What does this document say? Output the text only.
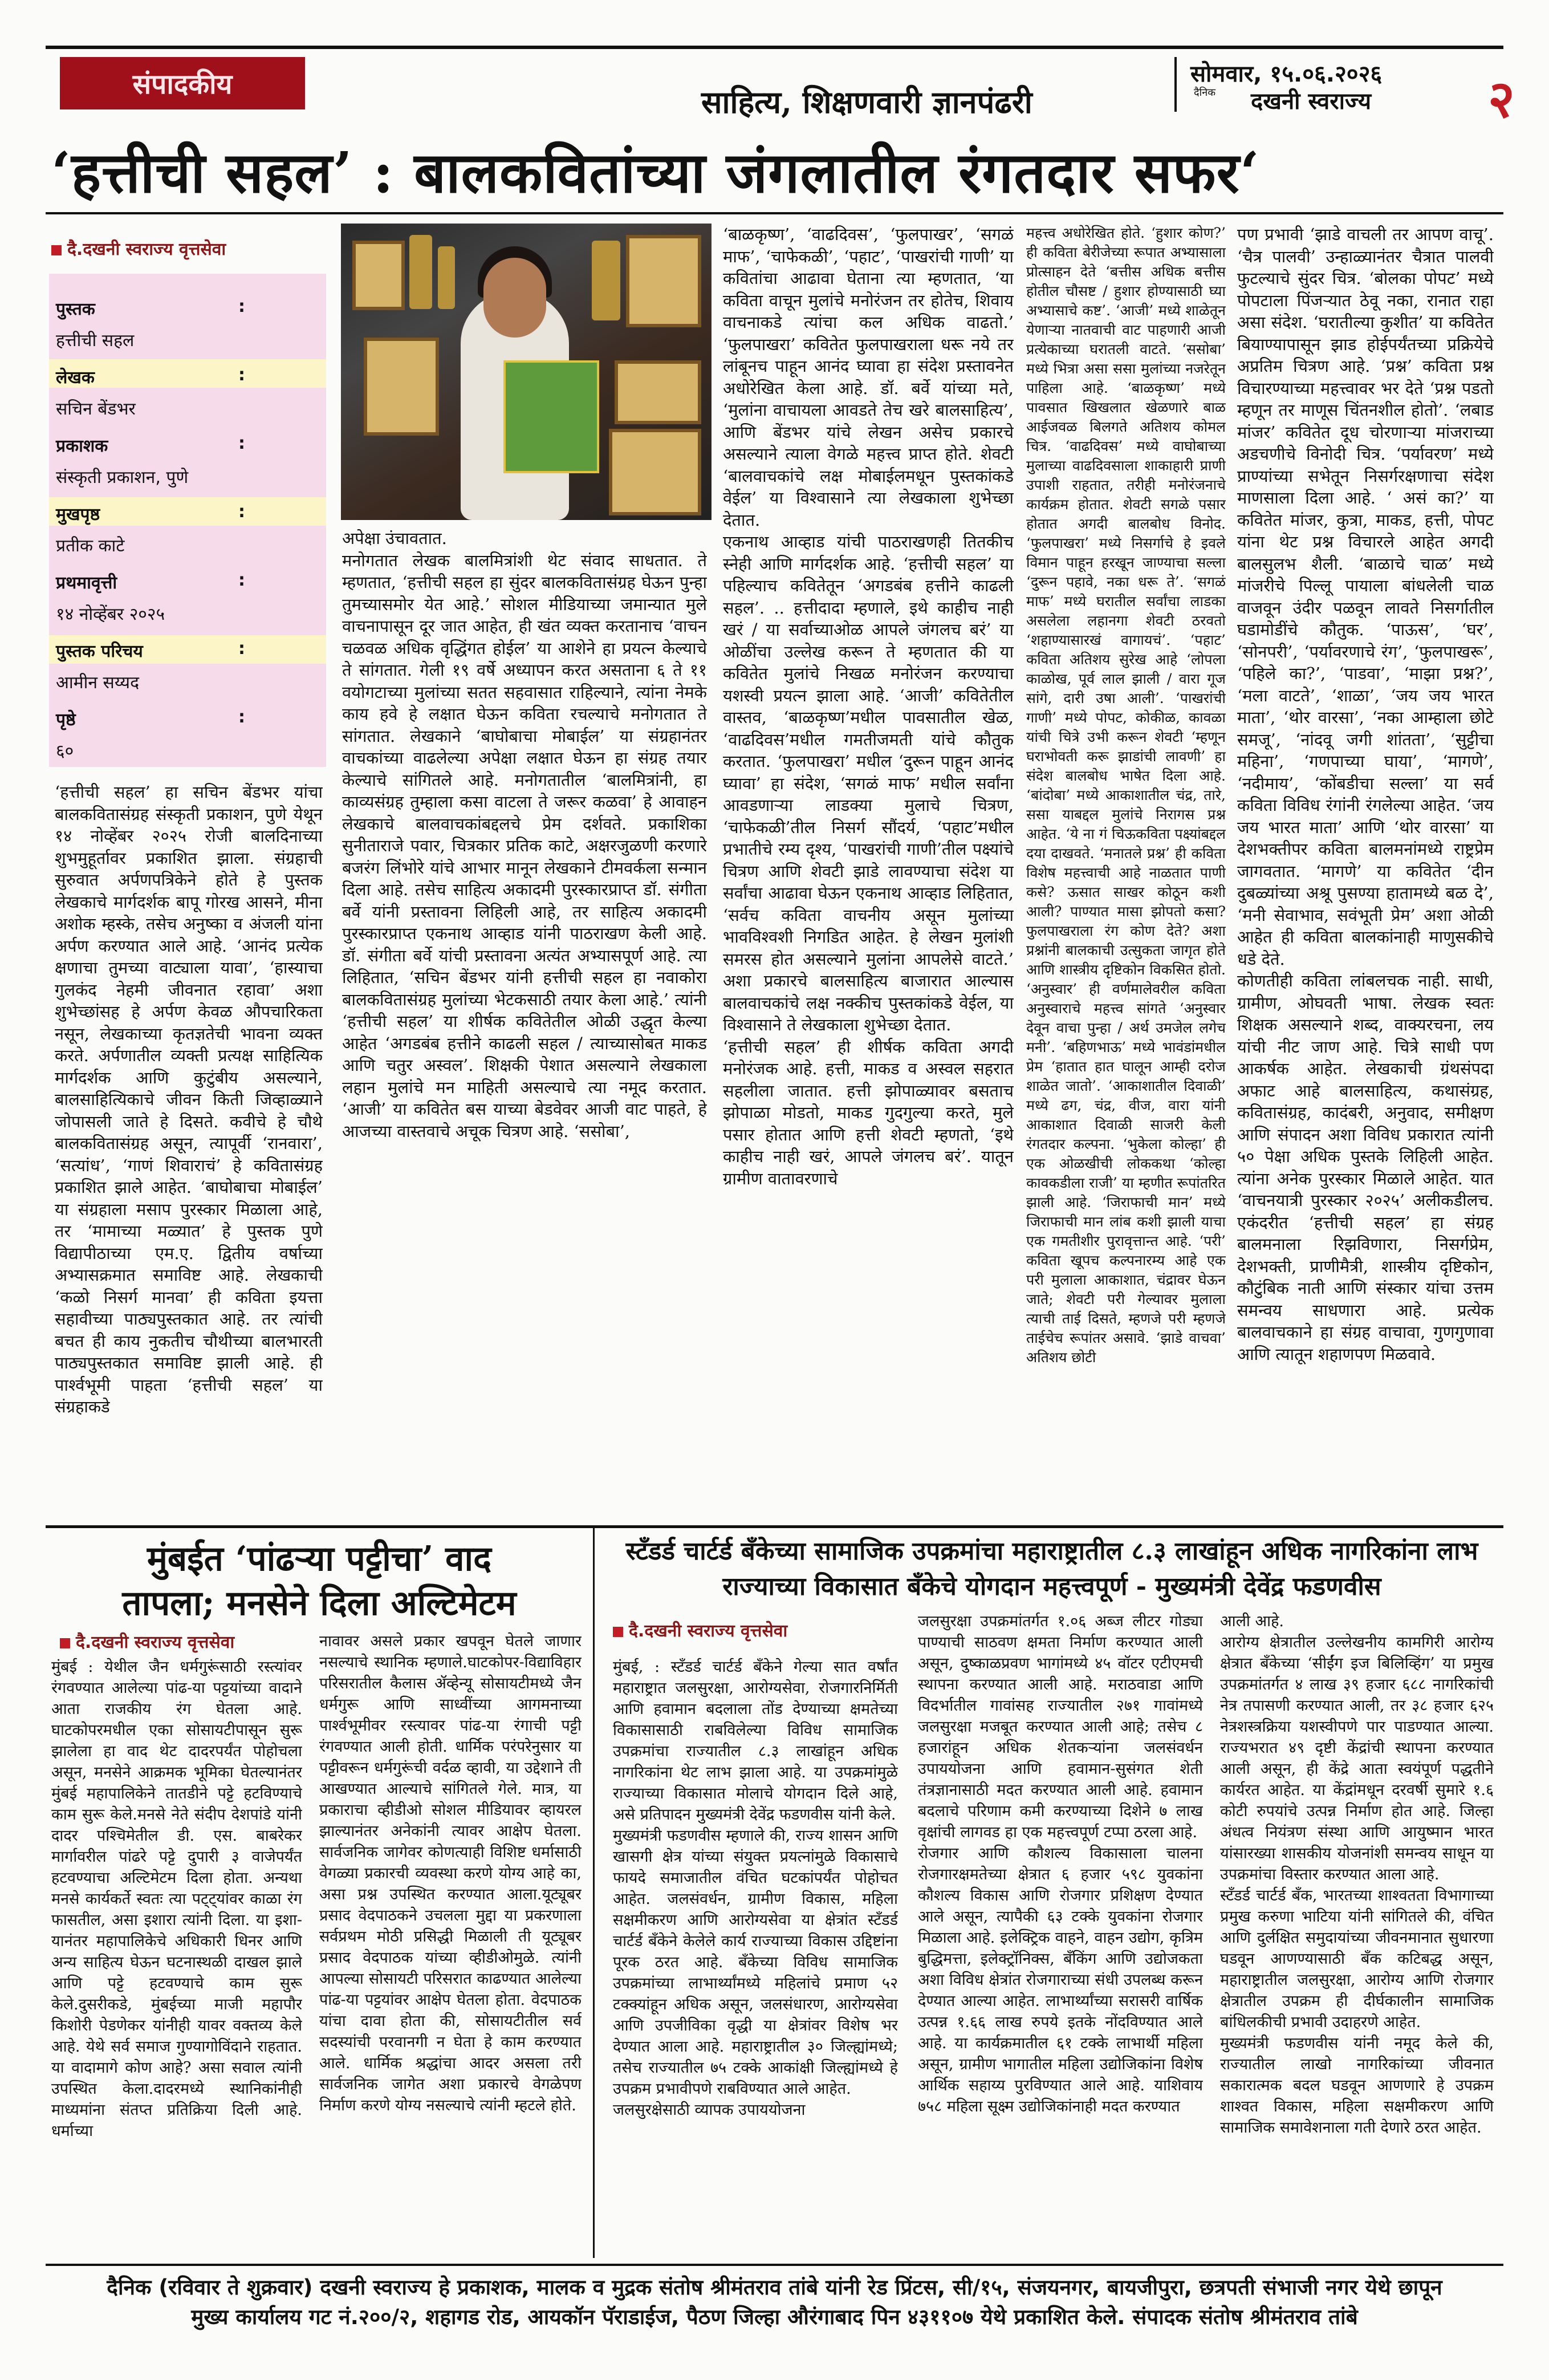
संपादकीय	साहित्य, शिक्षणवारी ज्ञानपंढरी
सोमवार, १५.०६.२०२६
दैनिक दखनी स्वराज्य २
‘हत्तीची सहल’ : बालकवितांच्या जंगलातील रंगतदार सफर‘
दै.दखनी स्वराज्य वृत्तसेवा
पुस्तक	:
हत्तीची सहल
लेखक	:
सचिन बेंडभर
प्रकाशक	:
संस्कृती प्रकाशन, पुणे
मुखपृष्ठ	:
प्रतीक काटे
प्रथमावृत्ती	:
१४ नोव्हेंबर २०२५
पुस्तक परिचय	:
आमीन सय्यद
पृष्ठे	:
६०
‘हत्तीची सहल’ हा सचिन बेंडभर यांचा बालकवितासंग्रह संस्कृती प्रकाशन, पुणे येथून १४ नोव्हेंबर २०२५ रोजी बालदिनाच्या शुभमुहूर्तावर प्रकाशित झाला. संग्रहाची सुरुवात अर्पणपत्रिकेने होते हे पुस्तक लेखकाचे मार्गदर्शक बापू गोरख आसने, मीना अशोक म्हस्के, तसेच अनुष्का व अंजली यांना अर्पण करण्यात आले आहे. ‘आनंद प्रत्येक क्षणाचा तुमच्या वाट्याला यावा’, ‘हास्याचा गुलकंद नेहमी जीवनात रहावा’ अशा शुभेच्छांसह हे अर्पण केवळ औपचारिकता नसून, लेखकाच्या कृतज्ञतेची भावना व्यक्त करते. अर्पणातील व्यक्ती प्रत्यक्ष साहित्यिक मार्गदर्शक आणि कुटुंबीय असल्याने, बालसाहित्यिकाचे जीवन किती जिव्हाळ्याने जोपासली जाते हे दिसते. कवीचे हे चौथे बालकवितासंग्रह असून, त्यापूर्वी ‘रानवारा’, ‘सत्यांध’, ‘गाणं शिवाराचं’ हे कवितासंग्रह प्रकाशित झाले आहेत. ‘बाघोबाचा मोबाईल’ या संग्रहाला मसाप पुरस्कार मिळाला आहे, तर ‘मामाच्या मळ्यात’ हे पुस्तक पुणे विद्यापीठाच्या एम.ए. द्वितीय वर्षाच्या अभ्यासक्रमात समाविष्ट आहे. लेखकाची ‘कळो निसर्ग मानवा’ ही कविता इयत्ता सहावीच्या पाठ्यपुस्तकात आहे. तर त्यांची बचत ही काय नुकतीच चौथीच्या बालभारती पाठ्यपुस्तकात समाविष्ट झाली आहे. ही पार्श्वभूमी पाहता ‘हत्तीची सहल’ या संग्रहाकडे
अपेक्षा उंचावतात.
मनोगतात लेखक बालमित्रांशी थेट संवाद साधतात. ते म्हणतात, ‘हत्तीची सहल हा सुंदर बालकवितासंग्रह घेऊन पुन्हा तुमच्यासमोर येत आहे.’ सोशल मीडियाच्या जमान्यात मुले वाचनापासून दूर जात आहेत, ही खंत व्यक्त करतानाच ‘वाचन चळवळ अधिक वृद्धिंगत होईल’ या आशेने हा प्रयत्न केल्याचे ते सांगतात. गेली १९ वर्षे अध्यापन करत असताना ६ ते ११ वयोगटाच्या मुलांच्या सतत सहवासात राहिल्याने, त्यांना नेमके काय हवे हे लक्षात घेऊन कविता रचल्याचे मनोगतात ते सांगतात. लेखकाने ‘बाघोबाचा मोबाईल’ या संग्रहानंतर वाचकांच्या वाढलेल्या अपेक्षा लक्षात घेऊन हा संग्रह तयार केल्याचे सांगितले आहे. मनोगतातील ‘बालमित्रांनी, हा काव्यसंग्रह तुम्हाला कसा वाटला ते जरूर कळवा’ हे आवाहन लेखकाचे बालवाचकांबद्दलचे प्रेम दर्शवते. प्रकाशिका सुनीताराजे पवार, चित्रकार प्रतिक काटे, अक्षरजुळणी करणारे बजरंग लिंभोरे यांचे आभार मानून लेखकाने टीमवर्कला सन्मान दिला आहे. तसेच साहित्य अकादमी पुरस्कारप्राप्त डॉ. संगीता बर्वे यांनी प्रस्तावना लिहिली आहे, तर साहित्य अकादमी पुरस्कारप्राप्त एकनाथ आव्हाड यांनी पाठराखण केली आहे. डॉ. संगीता बर्वे यांची प्रस्तावना अत्यंत अभ्यासपूर्ण आहे. त्या लिहितात, ‘सचिन बेंडभर यांनी हत्तीची सहल हा नवाकोरा बालकवितासंग्रह मुलांच्या भेटकसाठी तयार केला आहे.’ त्यांनी ‘हत्तीची सहल’ या शीर्षक कवितेतील ओळी उद्धृत केल्या आहेत ‘अगडबंब हत्तीने काढली सहल / त्याच्यासोबत माकड आणि चतुर अस्वल’. शिक्षकी पेशात असल्याने लेखकाला लहान मुलांचे मन माहिती असल्याचे त्या नमूद करतात. ‘आजी’ या कवितेत बस याच्या बेडवेवर आजी वाट पाहते, हे आजच्या वास्तवाचे अचूक चित्रण आहे. ‘ससोबा’,
‘बाळकृष्ण’, ‘वाढदिवस’, ‘फुलपाखर’, ‘सगळं माफ’, ‘चाफेकळी’, ‘पहाट’, ‘पाखरांची गाणी’ या कवितांचा आढावा घेताना त्या म्हणतात, ‘या कविता वाचून मुलांचे मनोरंजन तर होतेच, शिवाय वाचनाकडे त्यांचा कल अधिक वाढतो.’ ‘फुलपाखरा’ कवितेत फुलपाखराला धरू नये तर लांबूनच पाहून आनंद घ्यावा हा संदेश प्रस्तावनेत अधोरेखित केला आहे. डॉ. बर्वे यांच्या मते, ‘मुलांना वाचायला आवडते तेच खरे बालसाहित्य’, आणि बेंडभर यांचे लेखन असेच प्रकारचे असल्याने त्याला वेगळे महत्त्व प्राप्त होते. शेवटी ‘बालवाचकांचे लक्ष मोबाईलमधून पुस्तकांकडे वेईल’ या विश्वासाने त्या लेखकाला शुभेच्छा देतात.
एकनाथ आव्हाड यांची पाठराखणही तितकीच स्नेही आणि मार्गदर्शक आहे. ‘हत्तीची सहल’ या पहिल्याच कवितेतून ‘अगडबंब हत्तीने काढली सहल’. .. हत्तीदादा म्हणाले, इथे काहीच नाही खरं / या सर्वाच्याओळ आपले जंगलच बरं’ या ओळींचा उल्लेख करून ते म्हणतात की या कवितेत मुलांचे निखळ मनोरंजन करण्याचा यशस्वी प्रयत्न झाला आहे. ‘आजी’ कवितेतील वास्तव, ‘बाळकृष्ण’मधील पावसातील खेळ, ‘वाढदिवस’मधील गमतीजमती यांचे कौतुक करतात. ‘फुलपाखरा’ मधील ‘दुरून पाहून आनंद घ्यावा’ हा संदेश, ‘सगळं माफ’ मधील सर्वांना आवडणाऱ्या लाडक्या मुलाचे चित्रण, ‘चाफेकळी’तील निसर्ग सौंदर्य, ‘पहाट’मधील प्रभातीचे रम्य दृश्य, ‘पाखरांची गाणी’तील पक्ष्यांचे चित्रण आणि शेवटी झाडे लावण्याचा संदेश या सर्वांचा आढावा घेऊन एकनाथ आव्हाड लिहितात, ‘सर्वच कविता वाचनीय असून मुलांच्या भावविश्वशी निगडित आहेत. हे लेखन मुलांशी समरस होत असल्याने मुलांना आपलेसे वाटते.’ अशा प्रकारचे बालसाहित्य बाजारात आल्यास बालवाचकांचे लक्ष नक्कीच पुस्तकांकडे वेईल, या विश्वासाने ते लेखकाला शुभेच्छा देतात.
‘हत्तीची सहल’ ही शीर्षक कविता अगदी मनोरंजक आहे. हत्ती, माकड व अस्वल सहरात सहलीला जातात. हत्ती झोपाळ्यावर बसताच झोपाळा मोडतो, माकड गुदगुल्या करते, मुले पसार होतात आणि हत्ती शेवटी म्हणतो, ‘इथे काहीच नाही खरं, आपले जंगलच बरं’. यातून ग्रामीण वातावरणाचे
महत्त्व अधोरेखित होते. ‘हुशार कोण?’ ही कविता बेरीजेच्या रूपात अभ्यासाला प्रोत्साहन देते ‘बत्तीस अधिक बत्तीस होतील चौसष्ट / हुशार होण्यासाठी घ्या अभ्यासाचे कष्ट’. ‘आजी’ मध्ये शाळेतून येणाऱ्या नातवाची वाट पाहणारी आजी प्रत्येकाच्या घरातली वाटते. ‘ससोबा’ मध्ये भित्रा असा ससा मुलांच्या नजरेतून पाहिला आहे. ‘बाळकृष्ण’ मध्ये पावसात खिखलात खेळणारे बाळ आईजवळ बिलगते अतिशय कोमल चित्र. ‘वाढदिवस’ मध्ये वाघोबाच्या मुलाच्या वाढदिवसाला शाकाहारी प्राणी उपाशी राहतात, तरीही मनोरंजनाचे कार्यक्रम होतात. शेवटी सगळे पसार होतात अगदी बालबोध विनोद. ‘फुलपाखरा’ मध्ये निसर्गाचे हे इवले विमान पाहून हरखून जाण्याचा सल्ला ‘दुरून पहावे, नका धरू ते’. ‘सगळं माफ’ मध्ये घरातील सर्वांचा लाडका असलेला लहानगा शेवटी ठरवतो ‘शहाण्यासारखं वागायचं’. ‘पहाट’ कविता अतिशय सुरेख आहे ‘लोपला काळोख, पूर्व लाल झाली / वारा गूज सांगे, दारी उषा आली’. ‘पाखरांची गाणी’ मध्ये पोपट, कोकीळ, कावळा यांची चित्रे उभी करून शेवटी ‘म्हणून घराभोवती करू झाडांची लावणी’ हा संदेश बालबोध भाषेत दिला आहे. ‘बांदोबा’ मध्ये आकाशातील चंद्र, तारे, ससा याबद्दल मुलांचे निरागस प्रश्न आहेत. ‘ये ना गं चिऊकविता पक्ष्यांबद्दल दया दाखवते. ‘मनातले प्रश्न’ ही कविता विशेष महत्त्वाची आहे नाळतात पाणी कसे? ऊसात साखर कोठून कशी आली? पाण्यात मासा झोपतो कसा? फुलपाखराला रंग कोण देते? अशा प्रश्नांनी बालकाची उत्सुकता जागृत होते आणि शास्त्रीय दृष्टिकोन विकसित होतो. ‘अनुस्वार’ ही वर्णमालेवरील कविता अनुस्वाराचे महत्त्व सांगते ‘अनुस्वार देवून वाचा पुन्हा / अर्थ उमजेल लगेच मनी’. ‘बहिणभाऊ’ मध्ये भावंडांमधील प्रेम ‘हातात हात घालून आम्ही दरोज शाळेत जातो’. ‘आकाशातील दिवाळी’ मध्ये ढग, चंद्र, वीज, वारा यांनी आकाशात दिवाळी साजरी केली रंगतदार कल्पना. ‘भुकेला कोल्हा’ ही एक ओळखीची लोककथा ‘कोल्हा कावकडीला राजी’ या म्हणीत रूपांतरित झाली आहे. ‘जिराफाची मान’ मध्ये जिराफाची मान लांब कशी झाली याचा एक गमतीशीर पुरावृत्तान्त आहे. ‘परी’ कविता खूपच कल्पनारम्य आहे एक परी मुलाला आकाशात, चंद्रावर घेऊन जाते; शेवटी परी गेल्यावर मुलाला त्याची ताई दिसते, म्हणजे परी म्हणजे ताईचेच रूपांतर असावे. ‘झाडे वाचवा’ अतिशय छोटी
पण प्रभावी ‘झाडे वाचली तर आपण वाचू’. ‘चैत्र पालवी’ उन्हाळ्यानंतर चैत्रात पालवी फुटल्याचे सुंदर चित्र. ‘बोलका पोपट’ मध्ये पोपटाला पिंजऱ्यात ठेवू नका, रानात राहा असा संदेश. ‘घरातील्या कुशीत’ या कवितेत बियाण्यापासून झाड होईपर्यंतच्या प्रक्रियेचे अप्रतिम चित्रण आहे. ‘प्रश्न’ कविता प्रश्न विचारण्याच्या महत्त्वावर भर देते ‘प्रश्न पडतो म्हणून तर माणूस चिंतनशील होतो’. ‘लबाड मांजर’ कवितेत दूध चोरणाऱ्या मांजराच्या अडचणीचे विनोदी चित्र. ‘पर्यावरण’ मध्ये प्राण्यांच्या सभेतून निसर्गरक्षणाचा संदेश माणसाला दिला आहे. ‘ असं का?’ या कवितेत मांजर, कुत्रा, माकड, हत्ती, पोपट यांना थेट प्रश्न विचारले आहेत अगदी बालसुलभ शैली. ‘बाळाचे चाळ’ मध्ये मांजरीचे पिल्लू पायाला बांधलेली चाळ वाजवून उंदीर पळवून लावते निसर्गातील घडामोडींचे कौतुक. ‘पाऊस’, ‘घर’, ‘सोनपरी’, ‘पर्यावरणाचे रंग’, ‘फुलपाखरू’, ‘पहिले का?’, ‘पाडवा’, ‘माझा प्रश्न?’, ‘मला वाटते’, ‘शाळा’, ‘जय जय भारत माता’, ‘थोर वारसा’, ‘नका आम्हाला छोटे समजू’, ‘नांदवू जगी शांतता’, ‘सुट्टीचा महिना’, ‘गणपाच्या घाया’, ‘मागणे’, ‘नदीमाय’, ‘कोंबडीचा सल्ला’ या सर्व कविता विविध रंगांनी रंगलेल्या आहेत. ‘जय जय भारत माता’ आणि ‘थोर वारसा’ या देशभक्तीपर कविता बालमनांमध्ये राष्ट्रप्रेम जागवतात. ‘मागणे’ या कवितेत ‘दीन दुबळ्यांच्या अश्रू पुसण्या हातामध्ये बळ दे’, ‘मनी सेवाभाव, सवंभूती प्रेम’ अशा ओळी आहेत ही कविता बालकांनाही माणुसकीचे धडे देते.
कोणतीही कविता लांबलचक नाही. साधी, ग्रामीण, ओघवती भाषा. लेखक स्वतः शिक्षक असल्याने शब्द, वाक्यरचना, लय यांची नीट जाण आहे. चित्रे साधी पण आकर्षक आहेत. लेखकाची ग्रंथसंपदा अफाट आहे बालसाहित्य, कथासंग्रह, कवितासंग्रह, कादंबरी, अनुवाद, समीक्षण आणि संपादन अशा विविध प्रकारात त्यांनी ५० पेक्षा अधिक पुस्तके लिहिली आहेत. त्यांना अनेक पुरस्कार मिळाले आहेत. यात ‘वाचनयात्री पुरस्कार २०२५’ अलीकडीलच. एकंदरीत ‘हत्तीची सहल’ हा संग्रह बालमनाला रिझविणारा, निसर्गप्रेम, देशभक्ती, प्राणीमैत्री, शास्त्रीय दृष्टिकोन, कौटुंबिक नाती आणि संस्कार यांचा उत्तम समन्वय साधणारा आहे. प्रत्येक बालवाचकाने हा संग्रह वाचावा, गुणगुणावा आणि त्यातून शहाणपण मिळवावे.
मुंबईत ‘पांढऱ्या पट्टीचा’ वाद
तापला; मनसेने दिला अल्टिमेटम
दै.दखनी स्वराज्य वृत्तसेवा
मुंबई : येथील जैन धर्मगुरूंसाठी रस्त्यांवर रंगवण्यात आलेल्या पांढ-या पट्टयांच्या वादाने आता राजकीय रंग घेतला आहे. घाटकोपरमधील एका सोसायटीपासून सुरू झालेला हा वाद थेट दादरपर्यंत पोहोचला असून, मनसेने आक्रमक भूमिका घेतल्यानंतर मुंबई महापालिकेने तातडीने पट्टे हटविण्याचे काम सुरू केले.मनसे नेते संदीप देशपांडे यांनी दादर पश्चिमेतील डी. एस. बाबरेकर मार्गावरील पांढरे पट्टे दुपारी ३ वाजेपर्यंत हटवण्याचा अल्टिमेटम दिला होता. अन्यथा मनसे कार्यकर्ते स्वतः त्या पट्ट्यांवर काळा रंग फासतील, असा इशारा त्यांनी दिला. या इशा-यानंतर महापालिकेचे अधिकारी धिनर आणि अन्य साहित्य घेऊन घटनास्थळी दाखल झाले आणि पट्टे हटवण्याचे काम सुरू केले.दुसरीकडे, मुंबईच्या माजी महापौर किशोरी पेडणेकर यांनीही यावर वक्तव्य केले आहे. येथे सर्व समाज गुण्यागोविंदाने राहतात. या वादामागे कोण आहे? असा सवाल त्यांनी उपस्थित केला.दादरमध्ये स्थानिकांनीही माध्यमांना संतप्त प्रतिक्रिया दिली आहे. धर्माच्या
नावावर असले प्रकार खपवून घेतले जाणार नसल्याचे स्थानिक म्हणाले.घाटकोपर-विद्याविहार परिसरातील कैलास ॲव्हेन्यू सोसायटीमध्ये जैन धर्मगुरू आणि साध्वींच्या आगमनाच्या पार्श्वभूमीवर रस्त्यावर पांढ-या रंगाची पट्टी रंगवण्यात आली होती. धार्मिक परंपरेनुसार या पट्टीवरून धर्मगुरूंची वर्दळ व्हावी, या उद्देशाने ती आखण्यात आल्याचे सांगितले गेले. मात्र, या प्रकाराचा व्हीडीओ सोशल मीडियावर व्हायरल झाल्यानंतर अनेकांनी त्यावर आक्षेप घेतला. सार्वजनिक जागेवर कोणत्याही विशिष्ट धर्मासाठी वेगळ्या प्रकारची व्यवस्था करणे योग्य आहे का, असा प्रश्न उपस्थित करण्यात आला.यूट्यूबर प्रसाद वेदपाठकने उचलला मुद्दा या प्रकरणाला सर्वप्रथम मोठी प्रसिद्धी मिळाली ती यूट्यूबर प्रसाद वेदपाठक यांच्या व्हीडीओमुळे. त्यांनी आपल्या सोसायटी परिसरात काढण्यात आलेल्या पांढ-या पट्टयांवर आक्षेप घेतला होता. वेदपाठक यांचा दावा होता की, सोसायटीतील सर्व सदस्यांची परवानगी न घेता हे काम करण्यात आले. धार्मिक श्रद्धांचा आदर असला तरी सार्वजनिक जागेत अशा प्रकारचे वेगळेपण निर्माण करणे योग्य नसल्याचे त्यांनी म्हटले होते.
स्टँडर्ड चार्टर्ड बँकेच्या सामाजिक उपक्रमांचा महाराष्ट्रातील ८.३ लाखांहून अधिक नागरिकांना लाभ
राज्याच्या विकासात बँकेचे योगदान महत्त्वपूर्ण - मुख्यमंत्री देवेंद्र फडणवीस
दै.दखनी स्वराज्य वृत्तसेवा
मुंबई, : स्टँडर्ड चार्टर्ड बँकेने गेल्या सात वर्षांत महाराष्ट्रात जलसुरक्षा, आरोग्यसेवा, रोजगारनिर्मिती आणि हवामान बदलाला तोंड देण्याच्या क्षमतेच्या विकासासाठी राबविलेल्या विविध सामाजिक उपक्रमांचा राज्यातील ८.३ लाखांहून अधिक नागरिकांना थेट लाभ झाला आहे. या उपक्रमांमुळे राज्याच्या विकासात मोलाचे योगदान दिले आहे, असे प्रतिपादन मुख्यमंत्री देवेंद्र फडणवीस यांनी केले.
मुख्यमंत्री फडणवीस म्हणाले की, राज्य शासन आणि खासगी क्षेत्र यांच्या संयुक्त प्रयत्नांमुळे विकासाचे फायदे समाजातील वंचित घटकांपर्यंत पोहोचत आहेत. जलसंवर्धन, ग्रामीण विकास, महिला सक्षमीकरण आणि आरोग्यसेवा या क्षेत्रांत स्टँडर्ड चार्टर्ड बँकेने केलेले कार्य राज्याच्या विकास उद्दिष्टांना पूरक ठरत आहे. बँकेच्या विविध सामाजिक उपक्रमांच्या लाभार्थ्यांमध्ये महिलांचे प्रमाण ५२ टक्क्यांहून अधिक असून, जलसंधारण, आरोग्यसेवा आणि उपजीविका वृद्धी या क्षेत्रांवर विशेष भर देण्यात आला आहे. महाराष्ट्रातील ३० जिल्ह्यांमध्ये; तसेच राज्यातील ७५ टक्के आकांक्षी जिल्ह्यांमध्ये हे उपक्रम प्रभावीपणे राबविण्यात आले आहेत.
जलसुरक्षेसाठी व्यापक उपाययोजना
जलसुरक्षा उपक्रमांतर्गत १.०६ अब्ज लीटर गोड्या पाण्याची साठवण क्षमता निर्माण करण्यात आली असून, दुष्काळप्रवण भागांमध्ये ४५ वॉटर एटीएमची स्थापना करण्यात आली आहे. मराठवाडा आणि विदर्भातील गावांसह राज्यातील २७१ गावांमध्ये जलसुरक्षा मजबूत करण्यात आली आहे; तसेच ८ हजारांहून अधिक शेतकऱ्यांना जलसंवर्धन उपाययोजना आणि हवामान-सुसंगत शेती तंत्रज्ञानासाठी मदत करण्यात आली आहे. हवामान बदलाचे परिणाम कमी करण्याच्या दिशेने ७ लाख वृक्षांची लागवड हा एक महत्त्वपूर्ण टप्पा ठरला आहे.
रोजगार आणि कौशल्य विकासाला चालना रोजगारक्षमतेच्या क्षेत्रात ६ हजार ५९८ युवकांना कौशल्य विकास आणि रोजगार प्रशिक्षण देण्यात आले असून, त्यापैकी ६३ टक्के युवकांना रोजगार मिळाला आहे. इलेक्ट्रिक वाहने, वाहन उद्योग, कृत्रिम बुद्धिमत्ता, इलेक्ट्रॉनिक्स, बँकिंग आणि उद्योजकता अशा विविध क्षेत्रांत रोजगाराच्या संधी उपलब्ध करून देण्यात आल्या आहेत. लाभार्थ्यांच्या सरासरी वार्षिक उत्पन्न १.६६ लाख रुपये इतके नोंदविण्यात आले आहे. या कार्यक्रमातील ६१ टक्के लाभार्थी महिला असून, ग्रामीण भागातील महिला उद्योजिकांना विशेष आर्थिक सहाय्य पुरविण्यात आले आहे. याशिवाय ७५८ महिला सूक्ष्म उद्योजिकांनाही मदत करण्यात
आली आहे.
आरोग्य क्षेत्रातील उल्लेखनीय कामगिरी आरोग्य क्षेत्रात बँकेच्या ‘सीईंग इज बिलिव्हिंग’ या प्रमुख उपक्रमांतर्गत ४ लाख ३९ हजार ६८८ नागरिकांची नेत्र तपासणी करण्यात आली, तर ३८ हजार ६२५ नेत्रशस्त्रक्रिया यशस्वीपणे पार पाडण्यात आल्या. राज्यभरात ४९ दृष्टी केंद्रांची स्थापना करण्यात आली असून, ही केंद्रे आता स्वयंपूर्ण पद्धतीने कार्यरत आहेत. या केंद्रांमधून दरवर्षी सुमारे १.६ कोटी रुपयांचे उत्पन्न निर्माण होत आहे. जिल्हा अंधत्व नियंत्रण संस्था आणि आयुष्मान भारत यांसारख्या शासकीय योजनांशी समन्वय साधून या उपक्रमांचा विस्तार करण्यात आला आहे.
स्टँडर्ड चार्टर्ड बँक, भारतच्या शाश्वतता विभागाच्या प्रमुख करुणा भाटिया यांनी सांगितले की, वंचित आणि दुर्लक्षित समुदायांच्या जीवनमानात सुधारणा घडवून आणण्यासाठी बँक कटिबद्ध असून, महाराष्ट्रातील जलसुरक्षा, आरोग्य आणि रोजगार क्षेत्रातील उपक्रम ही दीर्घकालीन सामाजिक बांधिलकीची प्रभावी उदाहरणे आहेत.
मुख्यमंत्री फडणवीस यांनी नमूद केले की, राज्यातील लाखो नागरिकांच्या जीवनात सकारात्मक बदल घडवून आणणारे हे उपक्रम शाश्वत विकास, महिला सक्षमीकरण आणि सामाजिक समावेशनाला गती देणारे ठरत आहेत.
दैनिक (रविवार ते शुक्रवार) दखनी स्वराज्य हे प्रकाशक, मालक व मुद्रक संतोष श्रीमंतराव तांबे यांनी रेड प्रिंटस, सी/१५, संजयनगर, बायजीपुरा, छत्रपती संभाजी नगर येथे छापून
मुख्य कार्यालय गट नं.२००/२, शहागड रोड, आयकॉन पॅराडाईज, पैठण जिल्हा औरंगाबाद पिन ४३११०७ येथे प्रकाशित केले. संपादक संतोष श्रीमंतराव तांबे
